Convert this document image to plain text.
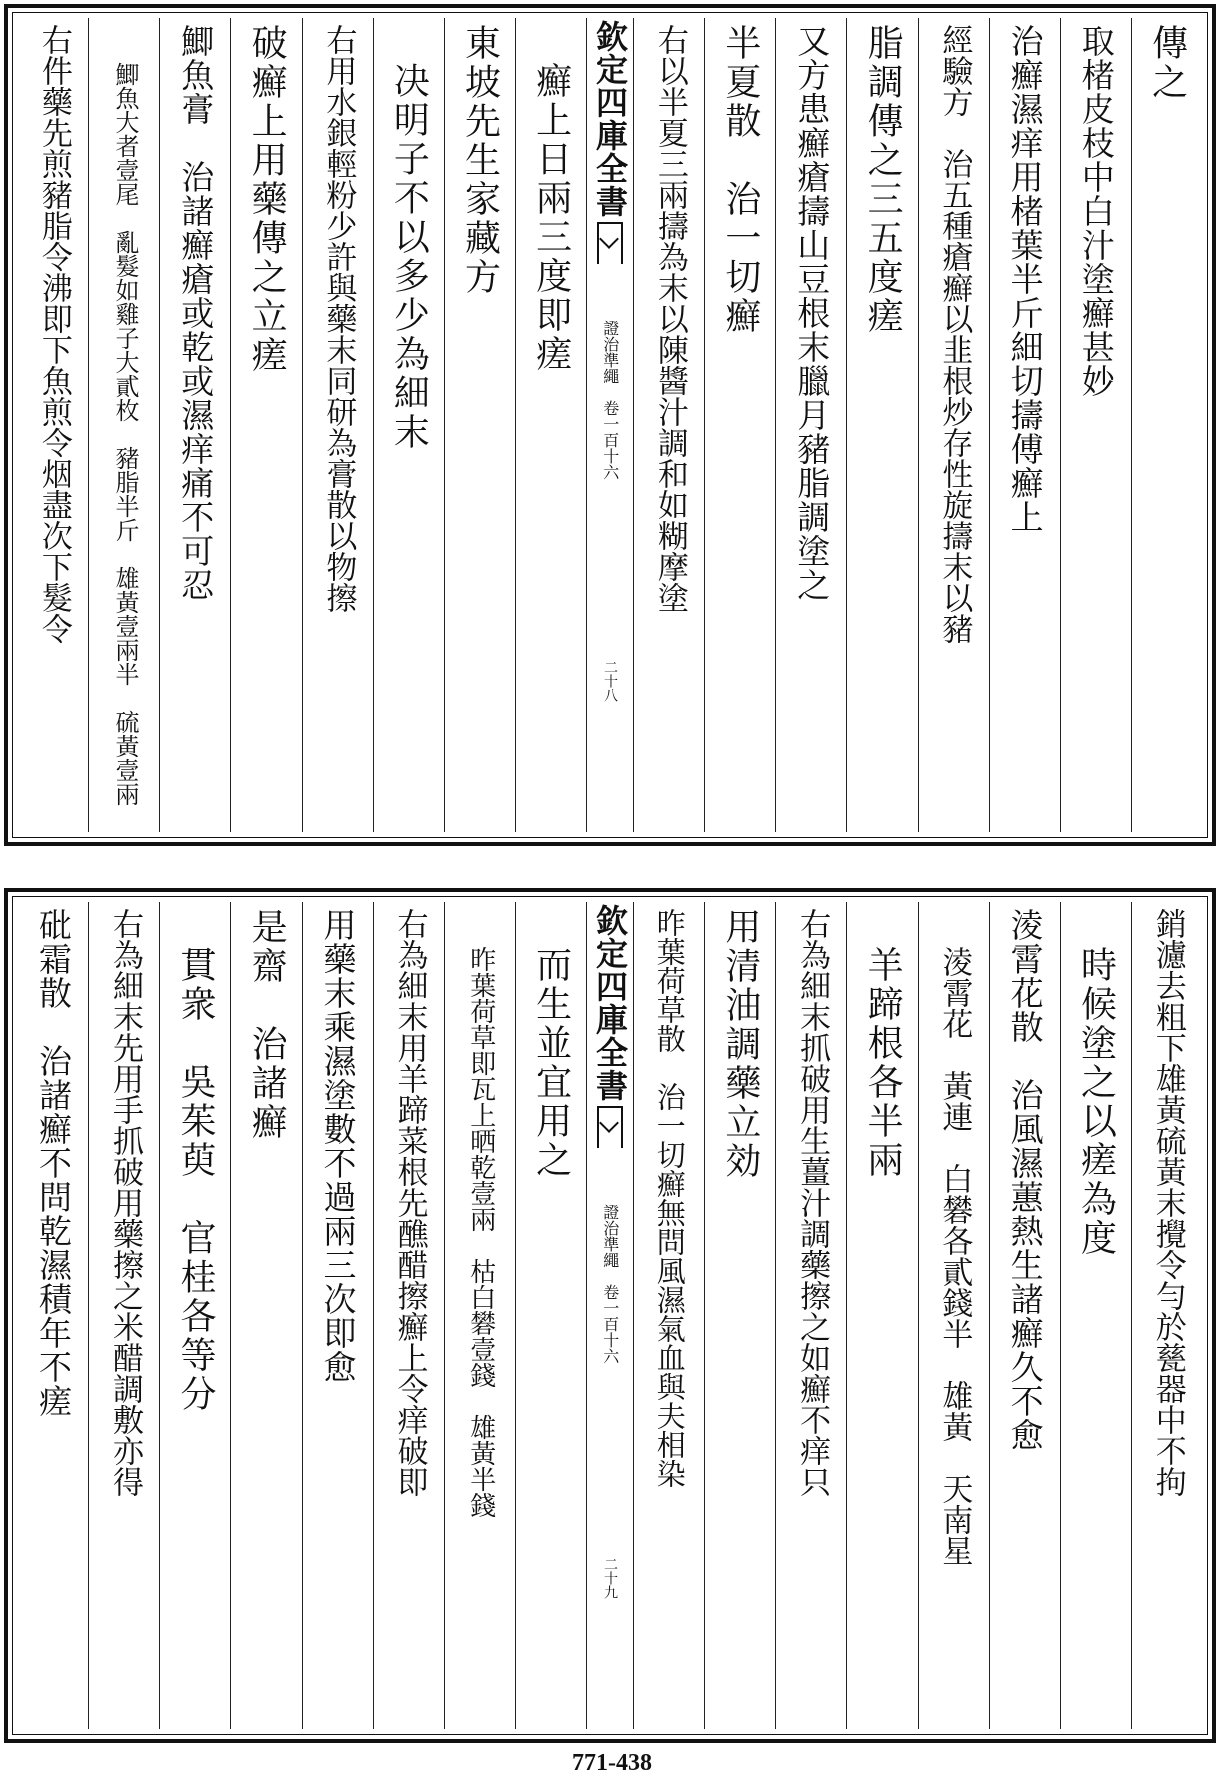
傳之
取楮皮枝中白汁塗癬甚妙
治癬濕痒用楮葉半斤細切擣傅癬上
經驗方　治五種瘡癬以韭根炒存性旋擣末以豬
脂調傳之三五度瘥
又方患癬瘡擣山豆根末臘月豬脂調塗之
半夏散　治一切癬
右以半夏三兩擣為末以陳醬汁調和如糊摩塗
欽定四庫全書
證治準繩　卷一百十六
二十八
癬上日兩三度即瘥
東坡先生家藏方
决明子不以多少為細末
右用水銀輕粉少許與藥末同研為膏散以物擦
破癬上用藥傳之立瘥
鯽魚膏　治諸癬瘡或乾或濕痒痛不可忍
鯽魚大者壹尾　亂髮如雞子大貳枚　豬脂半斤　雄黃壹兩半　硫黃壹兩
右件藥先煎豬脂令沸即下魚煎令烟盡次下髮令
銷濾去粗下雄黃硫黃末攪令勻於甆器中不拘
時候塗之以瘥為度
淩霄花散　治風濕蕙熱生諸癬久不愈
淩霄花　黃連　白礬各貳錢半　雄黃　天南星
羊蹄根各半兩
右為細末抓破用生薑汁調藥擦之如癬不痒只
用清油調藥立効
昨葉荷草散　治一切癬無問風濕氣血與夫相染
欽定四庫全書
證治準繩　卷一百十六
二十九
而生並宜用之
昨葉荷草即瓦上晒乾壹兩　枯白礬壹錢　雄黃半錢
右為細末用羊蹄菜根先醮醋擦癬上令痒破即
用藥末乘濕塗數不過兩三次即愈
是齋　治諸癬
貫衆　吳茱萸　官桂各等分
右為細末先用手抓破用藥擦之米醋調敷亦得
砒霜散　治諸癬不問乾濕積年不瘥
771-438
